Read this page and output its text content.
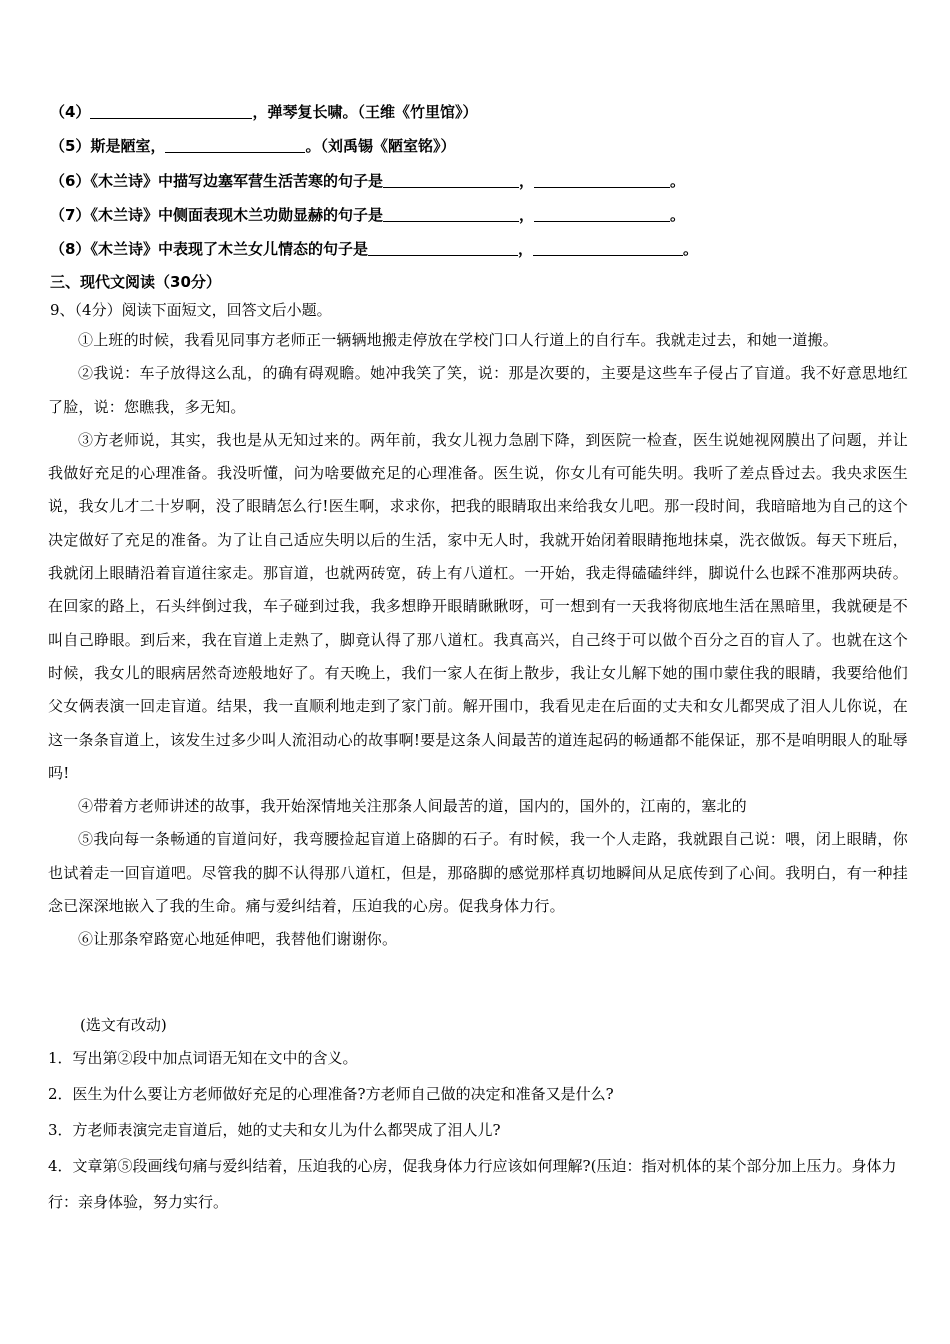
（4）	，弹琴复长啸。（王维《竹里馆》）
（5）斯是陋室，	。（刘禹锡《陋室铭》）
（6）《木兰诗》中描写边塞军营生活苦寒的句子是	，	。
（7）《木兰诗》中侧面表现木兰功勋显赫的句子是	，	。
（8）《木兰诗》中表现了木兰女儿情态的句子是	，	。
三、现代文阅读（30分）
9、（4分）阅读下面短文，回答文后小题。

①上班的时候，我看见同事方老师正一辆辆地搬走停放在学校门口人行道上的自行车。我就走过去，和她一道搬。

②我说：车子放得这么乱，的确有碍观瞻。她冲我笑了笑，说：那是次要的，主要是这些车子侵占了盲道。我不好意思地红了脸，说：您瞧我，多无知。

③方老师说，其实，我也是从无知过来的。两年前，我女儿视力急剧下降，到医院一检查，医生说她视网膜出了问题，并让我做好充足的心理准备。我没听懂，问为啥要做充足的心理准备。医生说，你女儿有可能失明。我听了差点昏过去。我央求医生说，我女儿才二十岁啊，没了眼睛怎么行!医生啊，求求你，把我的眼睛取出来给我女儿吧。那一段时间，我暗暗地为自己的这个决定做好了充足的准备。为了让自己适应失明以后的生活，家中无人时，我就开始闭着眼睛拖地抹桌，洗衣做饭。每天下班后，我就闭上眼睛沿着盲道往家走。那盲道，也就两砖宽，砖上有八道杠。一开始，我走得磕磕绊绊，脚说什么也踩不准那两块砖。在回家的路上，石头绊倒过我，车子碰到过我，我多想睁开眼睛瞅瞅呀，可一想到有一天我将彻底地生活在黑暗里，我就硬是不叫自己睁眼。到后来，我在盲道上走熟了，脚竟认得了那八道杠。我真高兴，自己终于可以做个百分之百的盲人了。也就在这个时候，我女儿的眼病居然奇迹般地好了。有天晚上，我们一家人在街上散步，我让女儿解下她的围巾蒙住我的眼睛，我要给他们父女俩表演一回走盲道。结果，我一直顺利地走到了家门前。解开围巾，我看见走在后面的丈夫和女儿都哭成了泪人儿你说，在这一条条盲道上，该发生过多少叫人流泪动心的故事啊!要是这条人间最苦的道连起码的畅通都不能保证，那不是咱明眼人的耻辱吗!

④带着方老师讲述的故事，我开始深情地关注那条人间最苦的道，国内的，国外的，江南的，塞北的

⑤我向每一条畅通的盲道问好，我弯腰捡起盲道上硌脚的石子。有时候，我一个人走路，我就跟自己说：喂，闭上眼睛，你也试着走一回盲道吧。尽管我的脚不认得那八道杠，但是，那硌脚的感觉那样真切地瞬间从足底传到了心间。我明白，有一种挂念已深深地嵌入了我的生命。痛与爱纠结着，压迫我的心房。促我身体力行。

⑥让那条窄路宽心地延伸吧，我替他们谢谢你。

(选文有改动)

1．写出第②段中加点词语无知在文中的含义。

2．医生为什么要让方老师做好充足的心理准备?方老师自己做的决定和准备又是什么?

3．方老师表演完走盲道后，她的丈夫和女儿为什么都哭成了泪人儿?

4．文章第⑤段画线句痛与爱纠结着，压迫我的心房，促我身体力行应该如何理解?(压迫：指对机体的某个部分加上压力。身体力行：亲身体验，努力实行。
